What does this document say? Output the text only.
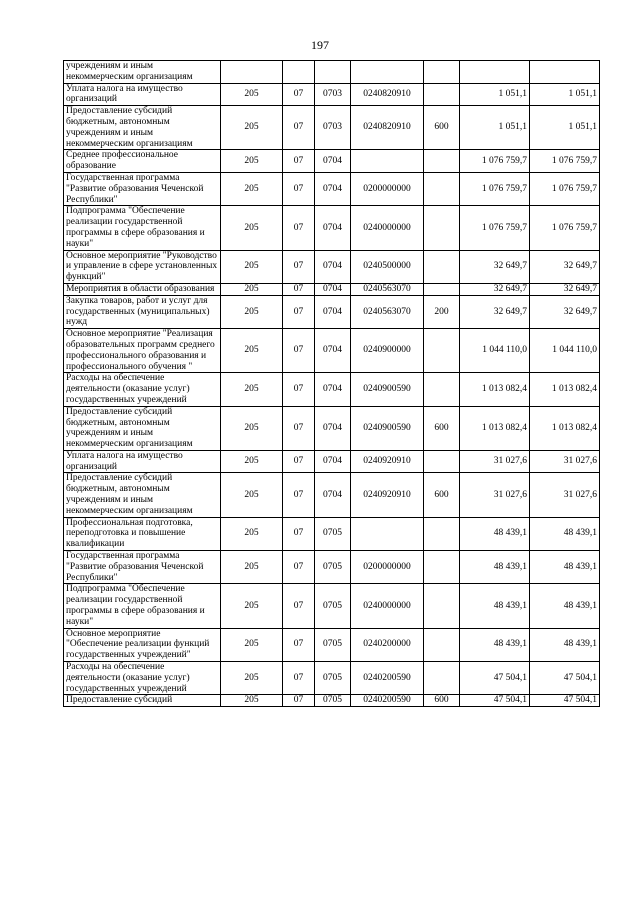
197
учреждениям и иным некоммерческим организациям							
Уплата налога на имущество организаций	205	07	0703	0240820910		1 051,1	1 051,1
Предоставление субсидий бюджетным, автономным учреждениям и иным некоммерческим организациям	205	07	0703	0240820910	600	1 051,1	1 051,1
Среднее профессиональное образование	205	07	0704			1 076 759,7	1 076 759,7
Государственная программа "Развитие образования Чеченской Республики"	205	07	0704	0200000000		1 076 759,7	1 076 759,7
Подпрограмма "Обеспечение реализации государственной программы в сфере образования и науки"	205	07	0704	0240000000		1 076 759,7	1 076 759,7
Основное мероприятие "Руководство и управление в сфере установленных функций"	205	07	0704	0240500000		32 649,7	32 649,7
Мероприятия в области образования	205	07	0704	0240563070		32 649,7	32 649,7
Закупка товаров, работ и услуг для государственных (муниципальных) нужд	205	07	0704	0240563070	200	32 649,7	32 649,7
Основное мероприятие "Реализация образовательных программ среднего профессионального образования и профессионального обучения "	205	07	0704	0240900000		1 044 110,0	1 044 110,0
Расходы на обеспечение деятельности (оказание услуг) государственных учреждений	205	07	0704	0240900590		1 013 082,4	1 013 082,4
Предоставление субсидий бюджетным, автономным учреждениям и иным некоммерческим организациям	205	07	0704	0240900590	600	1 013 082,4	1 013 082,4
Уплата налога на имущество организаций	205	07	0704	0240920910		31 027,6	31 027,6
Предоставление субсидий бюджетным, автономным учреждениям и иным некоммерческим организациям	205	07	0704	0240920910	600	31 027,6	31 027,6
Профессиональная подготовка, переподготовка и повышение квалификации	205	07	0705			48 439,1	48 439,1
Государственная программа "Развитие образования Чеченской Республики"	205	07	0705	0200000000		48 439,1	48 439,1
Подпрограмма "Обеспечение реализации государственной программы в сфере образования и науки"	205	07	0705	0240000000		48 439,1	48 439,1
Основное мероприятие "Обеспечение реализации функций государственных учреждений"	205	07	0705	0240200000		48 439,1	48 439,1
Расходы на обеспечение деятельности (оказание услуг) государственных учреждений	205	07	0705	0240200590		47 504,1	47 504,1
Предоставление субсидий	205	07	0705	0240200590	600	47 504,1	47 504,1
